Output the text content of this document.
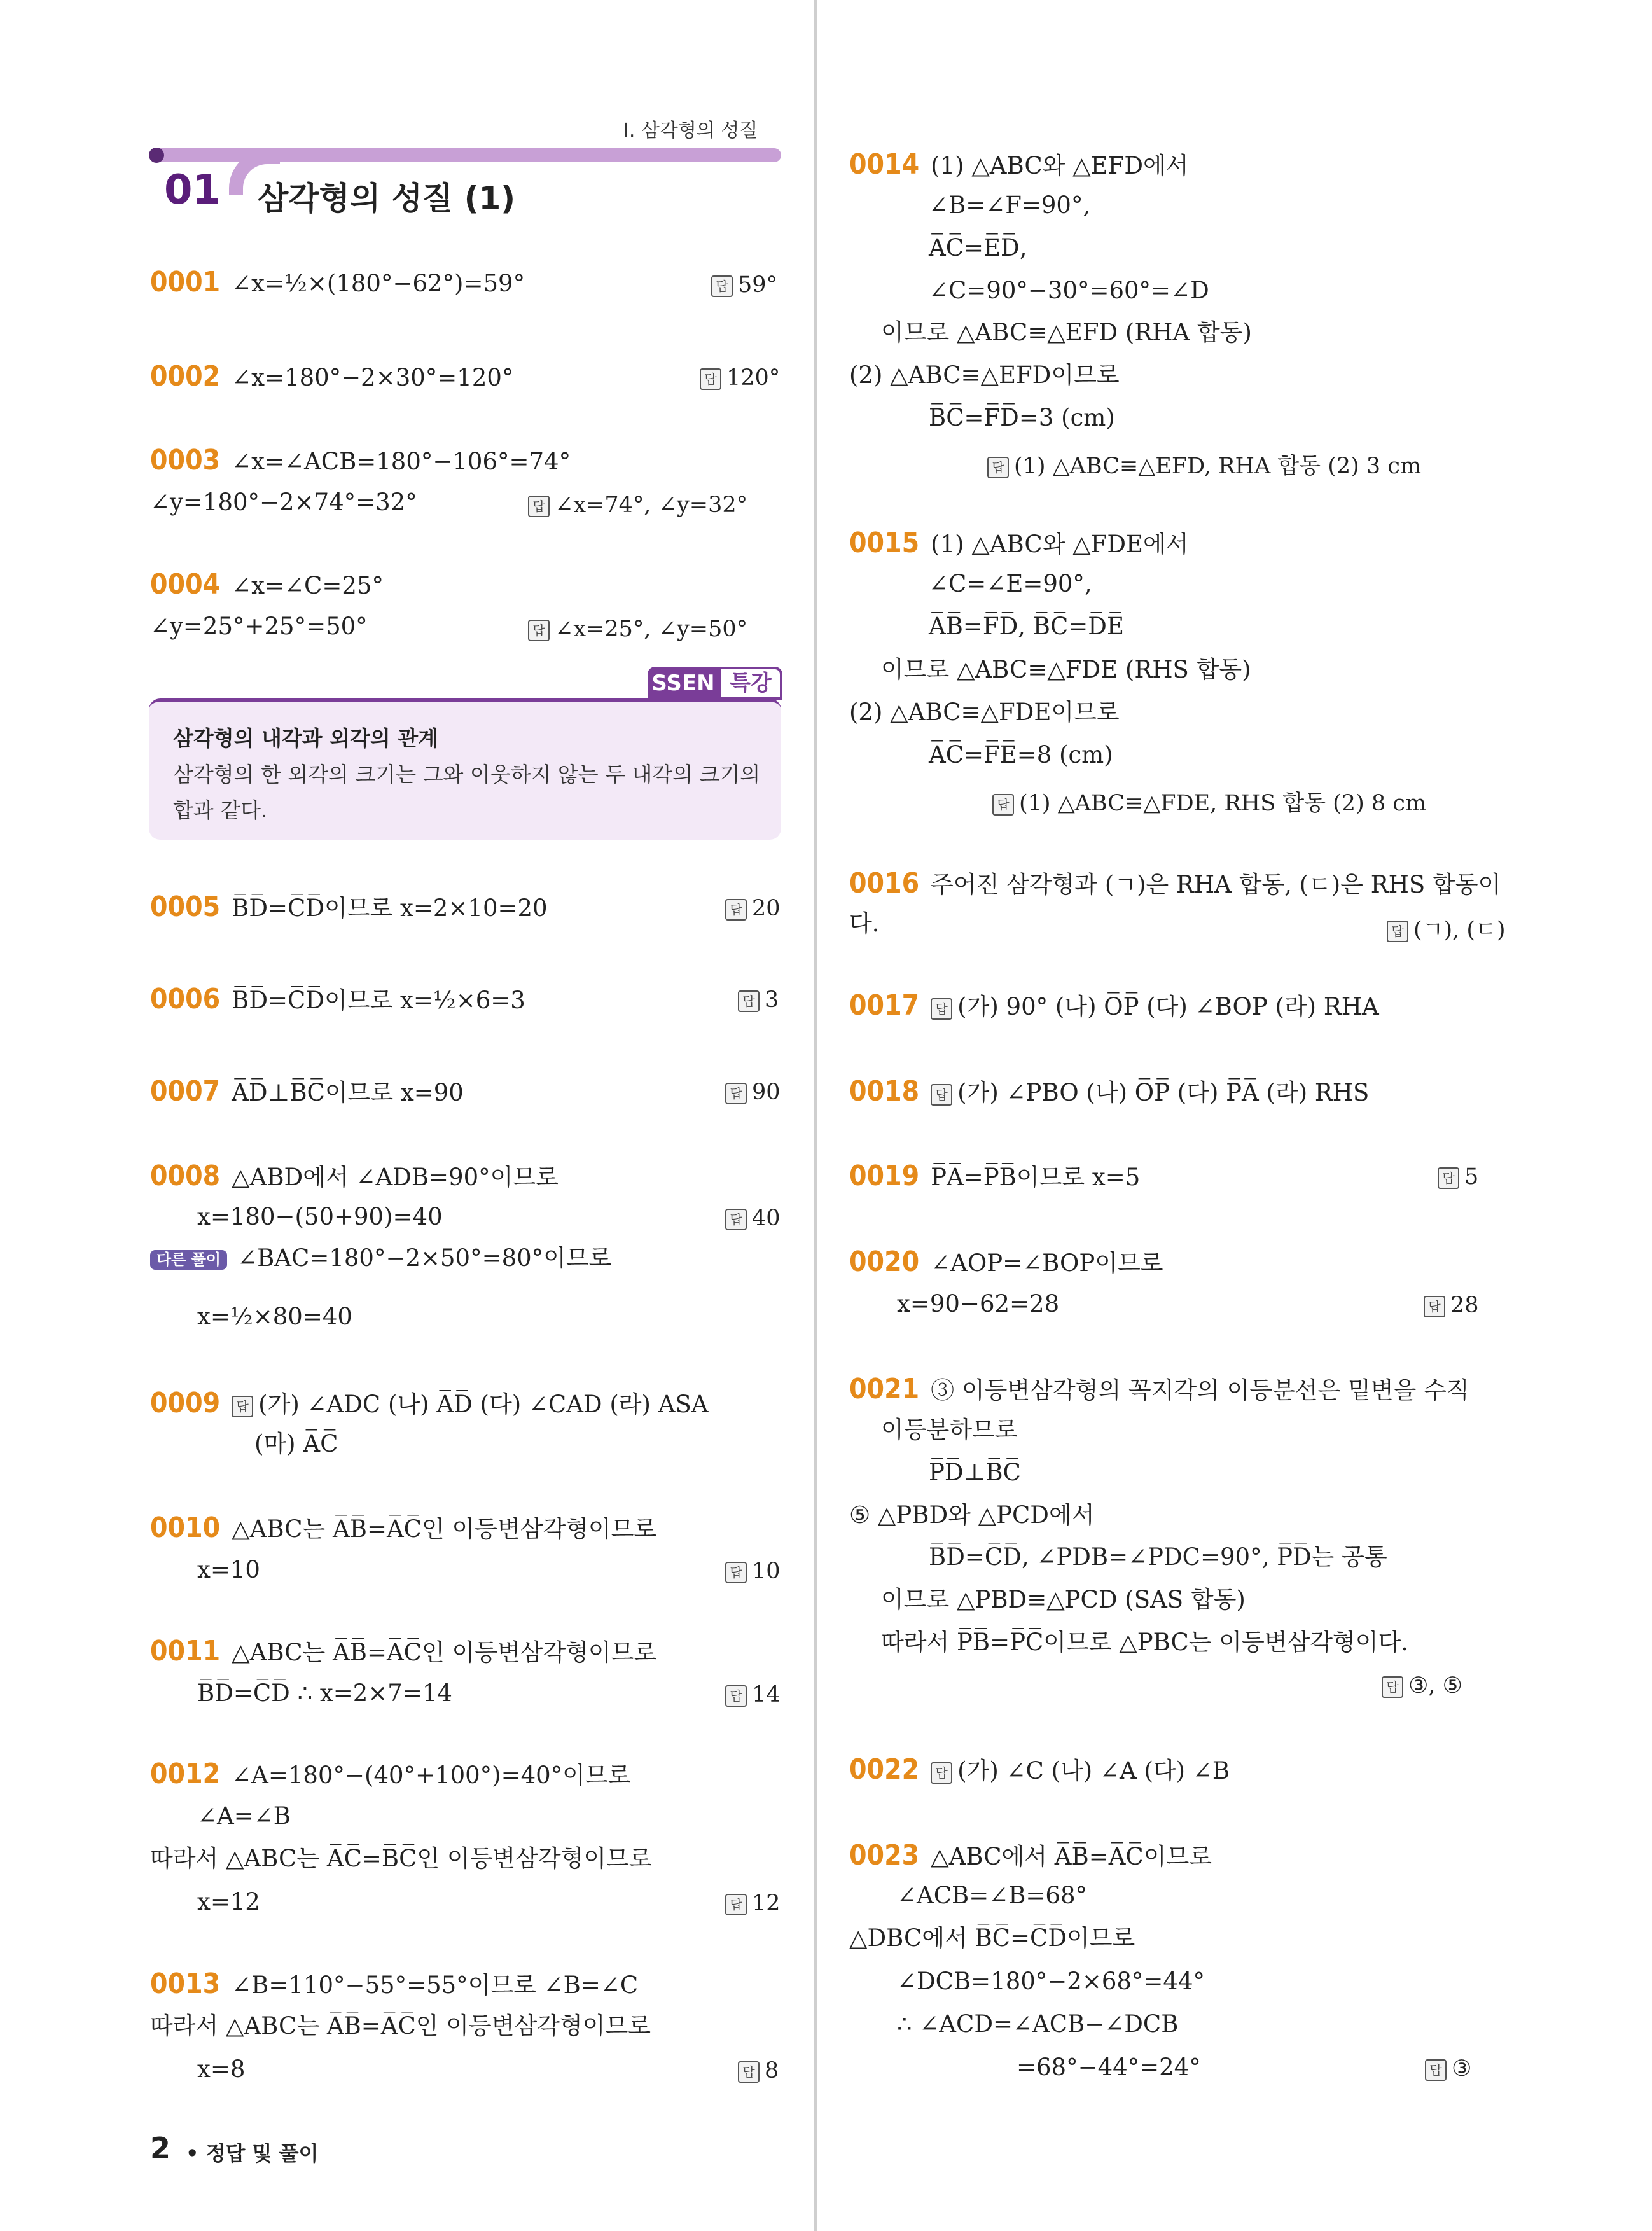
Ⅰ. 삼각형의 성질
01 삼각형의 성질 (1)
0001 ∠x=½×(180°−62°)=59°	답 59°
0002 ∠x=180°−2×30°=120°	답 120°
0003 ∠x=∠ACB=180°−106°=74°
∠y=180°−2×74°=32°	답 ∠x=74°, ∠y=32°
0004 ∠x=∠C=25°
∠y=25°+25°=50°	답 ∠x=25°, ∠y=50°
SSEN 특강
삼각형의 내각과 외각의 관계
삼각형의 한 외각의 크기는 그와 이웃하지 않는 두 내각의 크기의
합과 같다.
0005 B̅D̅=C̅D̅이므로 x=2×10=20	답 20
0006 B̅D̅=C̅D̅이므로 x=½×6=3	답 3
0007 A̅D̅⊥B̅C̅이므로 x=90	답 90
0008 △ABD에서 ∠ADB=90°이므로
x=180−(50+90)=40	답 40
다른 풀이 ∠BAC=180°−2×50°=80°이므로
x=½×80=40
0009 답 (가) ∠ADC (나) A̅D̅ (다) ∠CAD (라) ASA
(마) A̅C̅
0010 △ABC는 A̅B̅=A̅C̅인 이등변삼각형이므로
x=10	답 10
0011 △ABC는 A̅B̅=A̅C̅인 이등변삼각형이므로
B̅D̅=C̅D̅ ∴ x=2×7=14	답 14
0012 ∠A=180°−(40°+100°)=40°이므로
∠A=∠B
따라서 △ABC는 A̅C̅=B̅C̅인 이등변삼각형이므로
x=12	답 12
0013 ∠B=110°−55°=55°이므로 ∠B=∠C
따라서 △ABC는 A̅B̅=A̅C̅인 이등변삼각형이므로
x=8	답 8
2 • 정답 및 풀이
0014 (1) △ABC와 △EFD에서
∠B=∠F=90°,
A̅C̅=E̅D̅,
∠C=90°−30°=60°=∠D
이므로 △ABC≡△EFD (RHA 합동)
(2) △ABC≡△EFD이므로
B̅C̅=F̅D̅=3 (cm)
답 (1) △ABC≡△EFD, RHA 합동 (2) 3 cm
0015 (1) △ABC와 △FDE에서
∠C=∠E=90°,
A̅B̅=F̅D̅, B̅C̅=D̅E̅
이므로 △ABC≡△FDE (RHS 합동)
(2) △ABC≡△FDE이므로
A̅C̅=F̅E̅=8 (cm)
답 (1) △ABC≡△FDE, RHS 합동 (2) 8 cm
0016 주어진 삼각형과 (ㄱ)은 RHA 합동, (ㄷ)은 RHS 합동이
다.	답 (ㄱ), (ㄷ)
0017 답 (가) 90° (나) O̅P̅ (다) ∠BOP (라) RHA
0018 답 (가) ∠PBO (나) O̅P̅ (다) P̅A̅ (라) RHS
0019 P̅A̅=P̅B̅이므로 x=5	답 5
0020 ∠AOP=∠BOP이므로
x=90−62=28	답 28
0021 ③ 이등변삼각형의 꼭지각의 이등분선은 밑변을 수직
이등분하므로
P̅D̅⊥B̅C̅
⑤ △PBD와 △PCD에서
B̅D̅=C̅D̅, ∠PDB=∠PDC=90°, P̅D̅는 공통
이므로 △PBD≡△PCD (SAS 합동)
따라서 P̅B̅=P̅C̅이므로 △PBC는 이등변삼각형이다.
답 ③, ⑤
0022 답 (가) ∠C (나) ∠A (다) ∠B
0023 △ABC에서 A̅B̅=A̅C̅이므로
∠ACB=∠B=68°
△DBC에서 B̅C̅=C̅D̅이므로
∠DCB=180°−2×68°=44°
∴ ∠ACD=∠ACB−∠DCB
=68°−44°=24°	답 ③
